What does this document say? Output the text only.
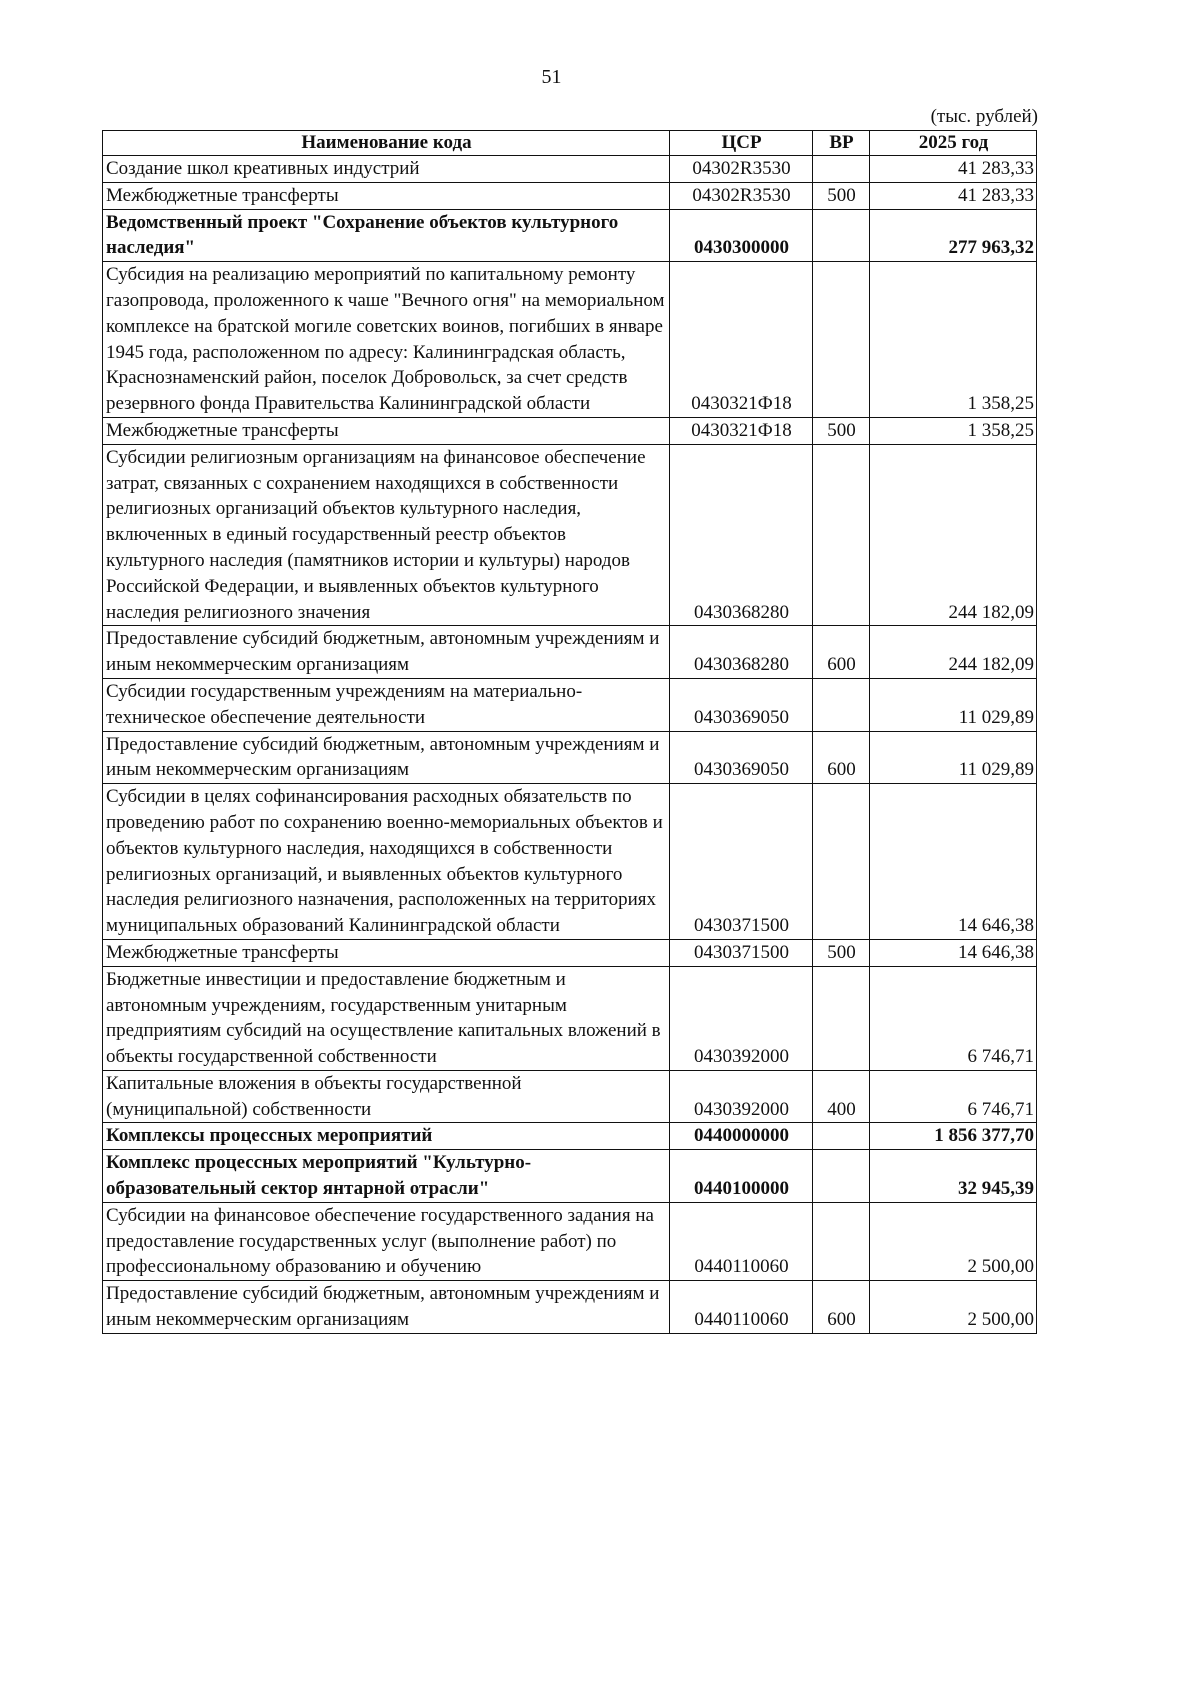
51
(тыс. рублей)
Наименование кода	ЦСР	ВР	2025 год
Создание школ креативных индустрий	04302R3530		41 283,33
Межбюджетные трансферты	04302R3530	500	41 283,33
Ведомственный проект "Сохранение объектов культурного наследия"	0430300000		277 963,32
Субсидия на реализацию мероприятий по капитальному ремонту газопровода, проложенного к чаше "Вечного огня" на мемориальном комплексе на братской могиле советских воинов, погибших в январе 1945 года, расположенном по адресу: Калининградская область, Краснознаменский район, поселок Добровольск, за счет средств резервного фонда Правительства Калининградской области	0430321Ф18		1 358,25
Межбюджетные трансферты	0430321Ф18	500	1 358,25
Субсидии религиозным организациям на финансовое обеспечение затрат, связанных с сохранением находящихся в собственности религиозных организаций объектов культурного наследия, включенных в единый государственный реестр объектов культурного наследия (памятников истории и культуры) народов Российской Федерации, и выявленных объектов культурного наследия религиозного значения	0430368280		244 182,09
Предоставление субсидий бюджетным, автономным учреждениям и иным некоммерческим организациям	0430368280	600	244 182,09
Субсидии государственным учреждениям на материально-техническое обеспечение деятельности	0430369050		11 029,89
Предоставление субсидий бюджетным, автономным учреждениям и иным некоммерческим организациям	0430369050	600	11 029,89
Субсидии в целях софинансирования расходных обязательств по проведению работ по сохранению военно-мемориальных объектов и объектов культурного наследия, находящихся в собственности религиозных организаций, и выявленных объектов культурного наследия религиозного назначения, расположенных на территориях муниципальных образований Калининградской области	0430371500		14 646,38
Межбюджетные трансферты	0430371500	500	14 646,38
Бюджетные инвестиции и предоставление бюджетным и автономным учреждениям, государственным унитарным предприятиям субсидий на осуществление капитальных вложений в объекты государственной собственности	0430392000		6 746,71
Капитальные вложения в объекты государственной (муниципальной) собственности	0430392000	400	6 746,71
Комплексы процессных мероприятий	0440000000		1 856 377,70
Комплекс процессных мероприятий "Культурно-образовательный сектор янтарной отрасли"	0440100000		32 945,39
Субсидии на финансовое обеспечение государственного задания на предоставление государственных услуг (выполнение работ) по профессиональному образованию и обучению	0440110060		2 500,00
Предоставление субсидий бюджетным, автономным учреждениям и иным некоммерческим организациям	0440110060	600	2 500,00
